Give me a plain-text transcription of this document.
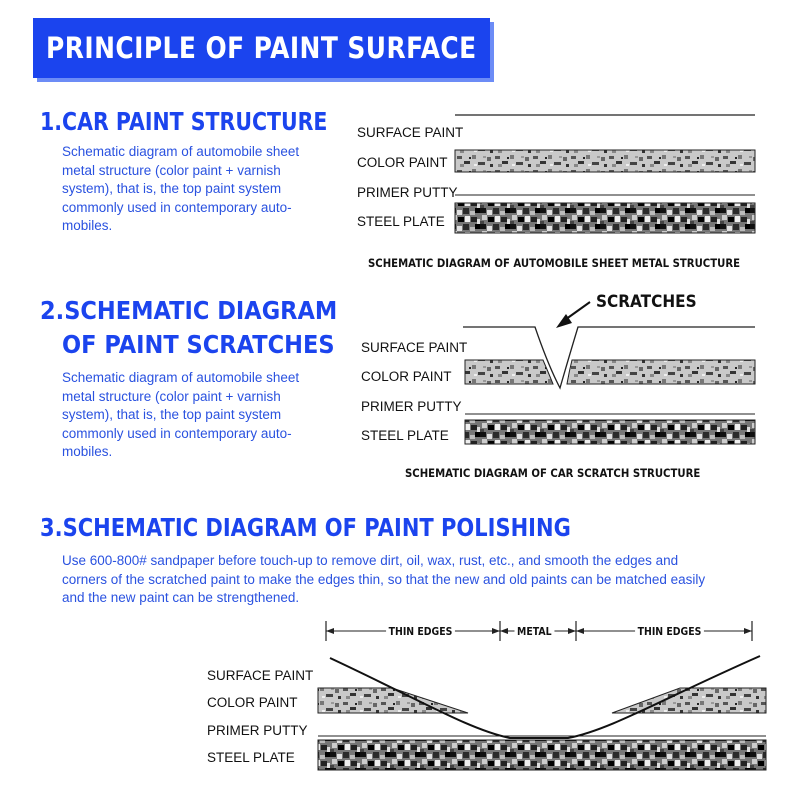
PRINCIPLE OF PAINT SURFACE
1.CAR PAINT STRUCTURE
Schematic diagram of automobile sheet
metal structure (color paint + varnish
system), that is, the top paint system
commonly used in contemporary auto-
mobiles.
SURFACE PAINT
COLOR PAINT
PRIMER PUTTY
STEEL PLATE
SCHEMATIC DIAGRAM OF AUTOMOBILE SHEET METAL STRUCTURE
2.SCHEMATIC DIAGRAM
OF PAINT SCRATCHES
Schematic diagram of automobile sheet
metal structure (color paint + varnish
system), that is, the top paint system
commonly used in contemporary auto-
mobiles.
SCRATCHES
SURFACE PAINT
COLOR PAINT
PRIMER PUTTY
STEEL PLATE
SCHEMATIC DIAGRAM OF CAR SCRATCH STRUCTURE
3.SCHEMATIC DIAGRAM OF PAINT POLISHING
Use 600-800# sandpaper before touch-up to remove dirt, oil, wax, rust, etc., and smooth the edges and
corners of the scratched paint to make the edges thin, so that the new and old paints can be matched easily
and the new paint can be strengthened.
THIN EDGES	METAL	THIN EDGES
SURFACE PAINT
COLOR PAINT
PRIMER PUTTY
STEEL PLATE
